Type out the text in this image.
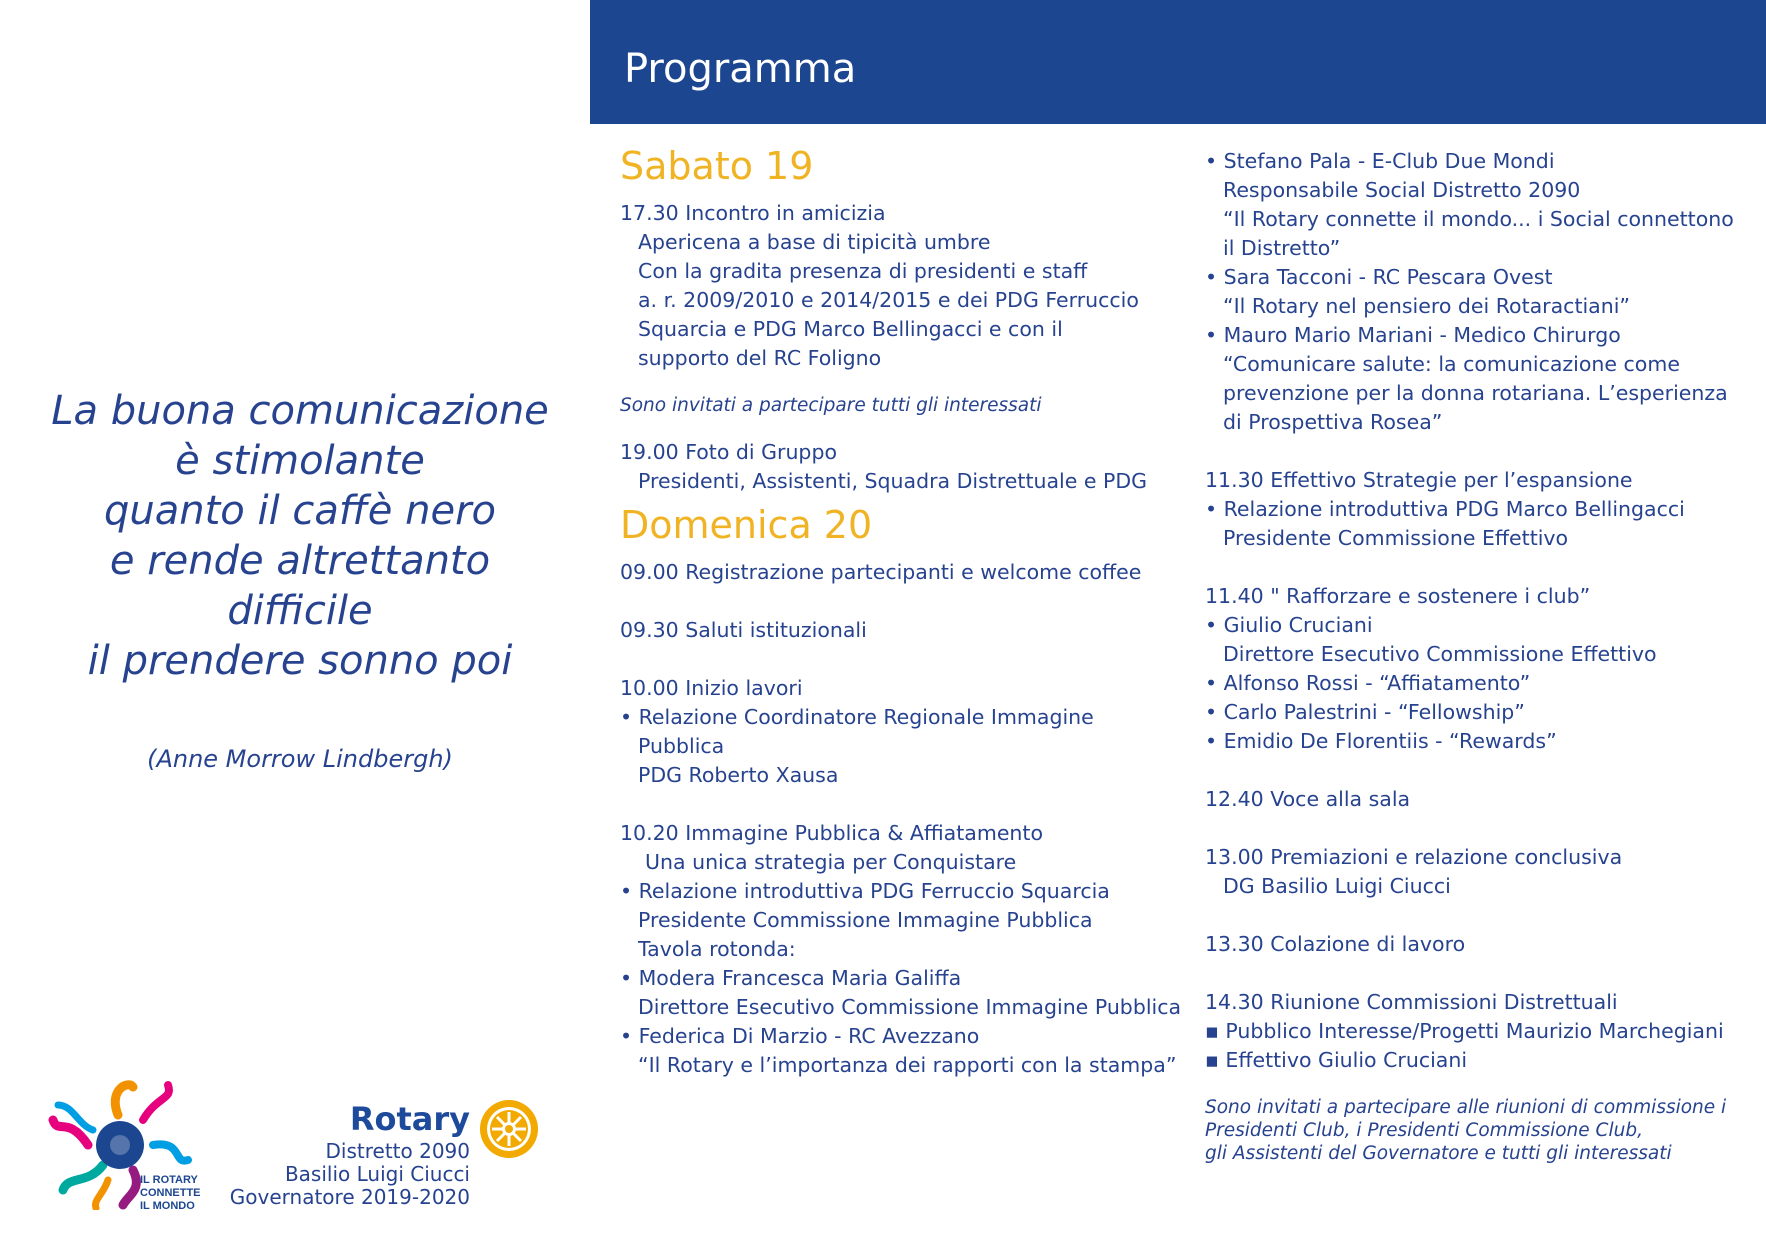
La buona comunicazione
è stimolante
quanto il caffè nero
e rende altrettanto
difficile
il prendere sonno poi
(Anne Morrow Lindbergh)
IL ROTARY
CONNETTE
IL MONDO
Rotary
Distretto 2090
Basilio Luigi Ciucci
Governatore 2019-2020
Programma
Sabato 19
17.30 Incontro in amicizia
Apericena a base di tipicità umbre
Con la gradita presenza di presidenti e staff
a. r. 2009/2010 e 2014/2015 e dei PDG Ferruccio
Squarcia e PDG Marco Bellingacci e con il
supporto del RC Foligno
Sono invitati a partecipare tutti gli interessati
19.00 Foto di Gruppo
Presidenti, Assistenti, Squadra Distrettuale e PDG
Domenica 20
09.00 Registrazione partecipanti e welcome coffee
09.30 Saluti istituzionali
10.00 Inizio lavori
• Relazione Coordinatore Regionale Immagine
Pubblica
PDG Roberto Xausa
10.20 Immagine Pubblica & Affiatamento
Una unica strategia per Conquistare
• Relazione introduttiva PDG Ferruccio Squarcia
Presidente Commissione Immagine Pubblica
Tavola rotonda:
• Modera Francesca Maria Galiffa
Direttore Esecutivo Commissione Immagine Pubblica
• Federica Di Marzio - RC Avezzano
“Il Rotary e l’importanza dei rapporti con la stampa”
• Stefano Pala - E-Club Due Mondi
Responsabile Social Distretto 2090
“Il Rotary connette il mondo... i Social connettono
il Distretto”
• Sara Tacconi - RC Pescara Ovest
“Il Rotary nel pensiero dei Rotaractiani”
• Mauro Mario Mariani - Medico Chirurgo
“Comunicare salute: la comunicazione come
prevenzione per la donna rotariana. L’esperienza
di Prospettiva Rosea”
11.30 Effettivo Strategie per l’espansione
• Relazione introduttiva PDG Marco Bellingacci
Presidente Commissione Effettivo
11.40 " Rafforzare e sostenere i club”
• Giulio Cruciani
Direttore Esecutivo Commissione Effettivo
• Alfonso Rossi - “Affiatamento”
• Carlo Palestrini - “Fellowship”
• Emidio De Florentiis - “Rewards”
12.40 Voce alla sala
13.00 Premiazioni e relazione conclusiva
DG Basilio Luigi Ciucci
13.30 Colazione di lavoro
14.30 Riunione Commissioni Distrettuali
▪ Pubblico Interesse/Progetti Maurizio Marchegiani
▪ Effettivo Giulio Cruciani
Sono invitati a partecipare alle riunioni di commissione i
Presidenti Club, i Presidenti Commissione Club,
gli Assistenti del Governatore e tutti gli interessati
